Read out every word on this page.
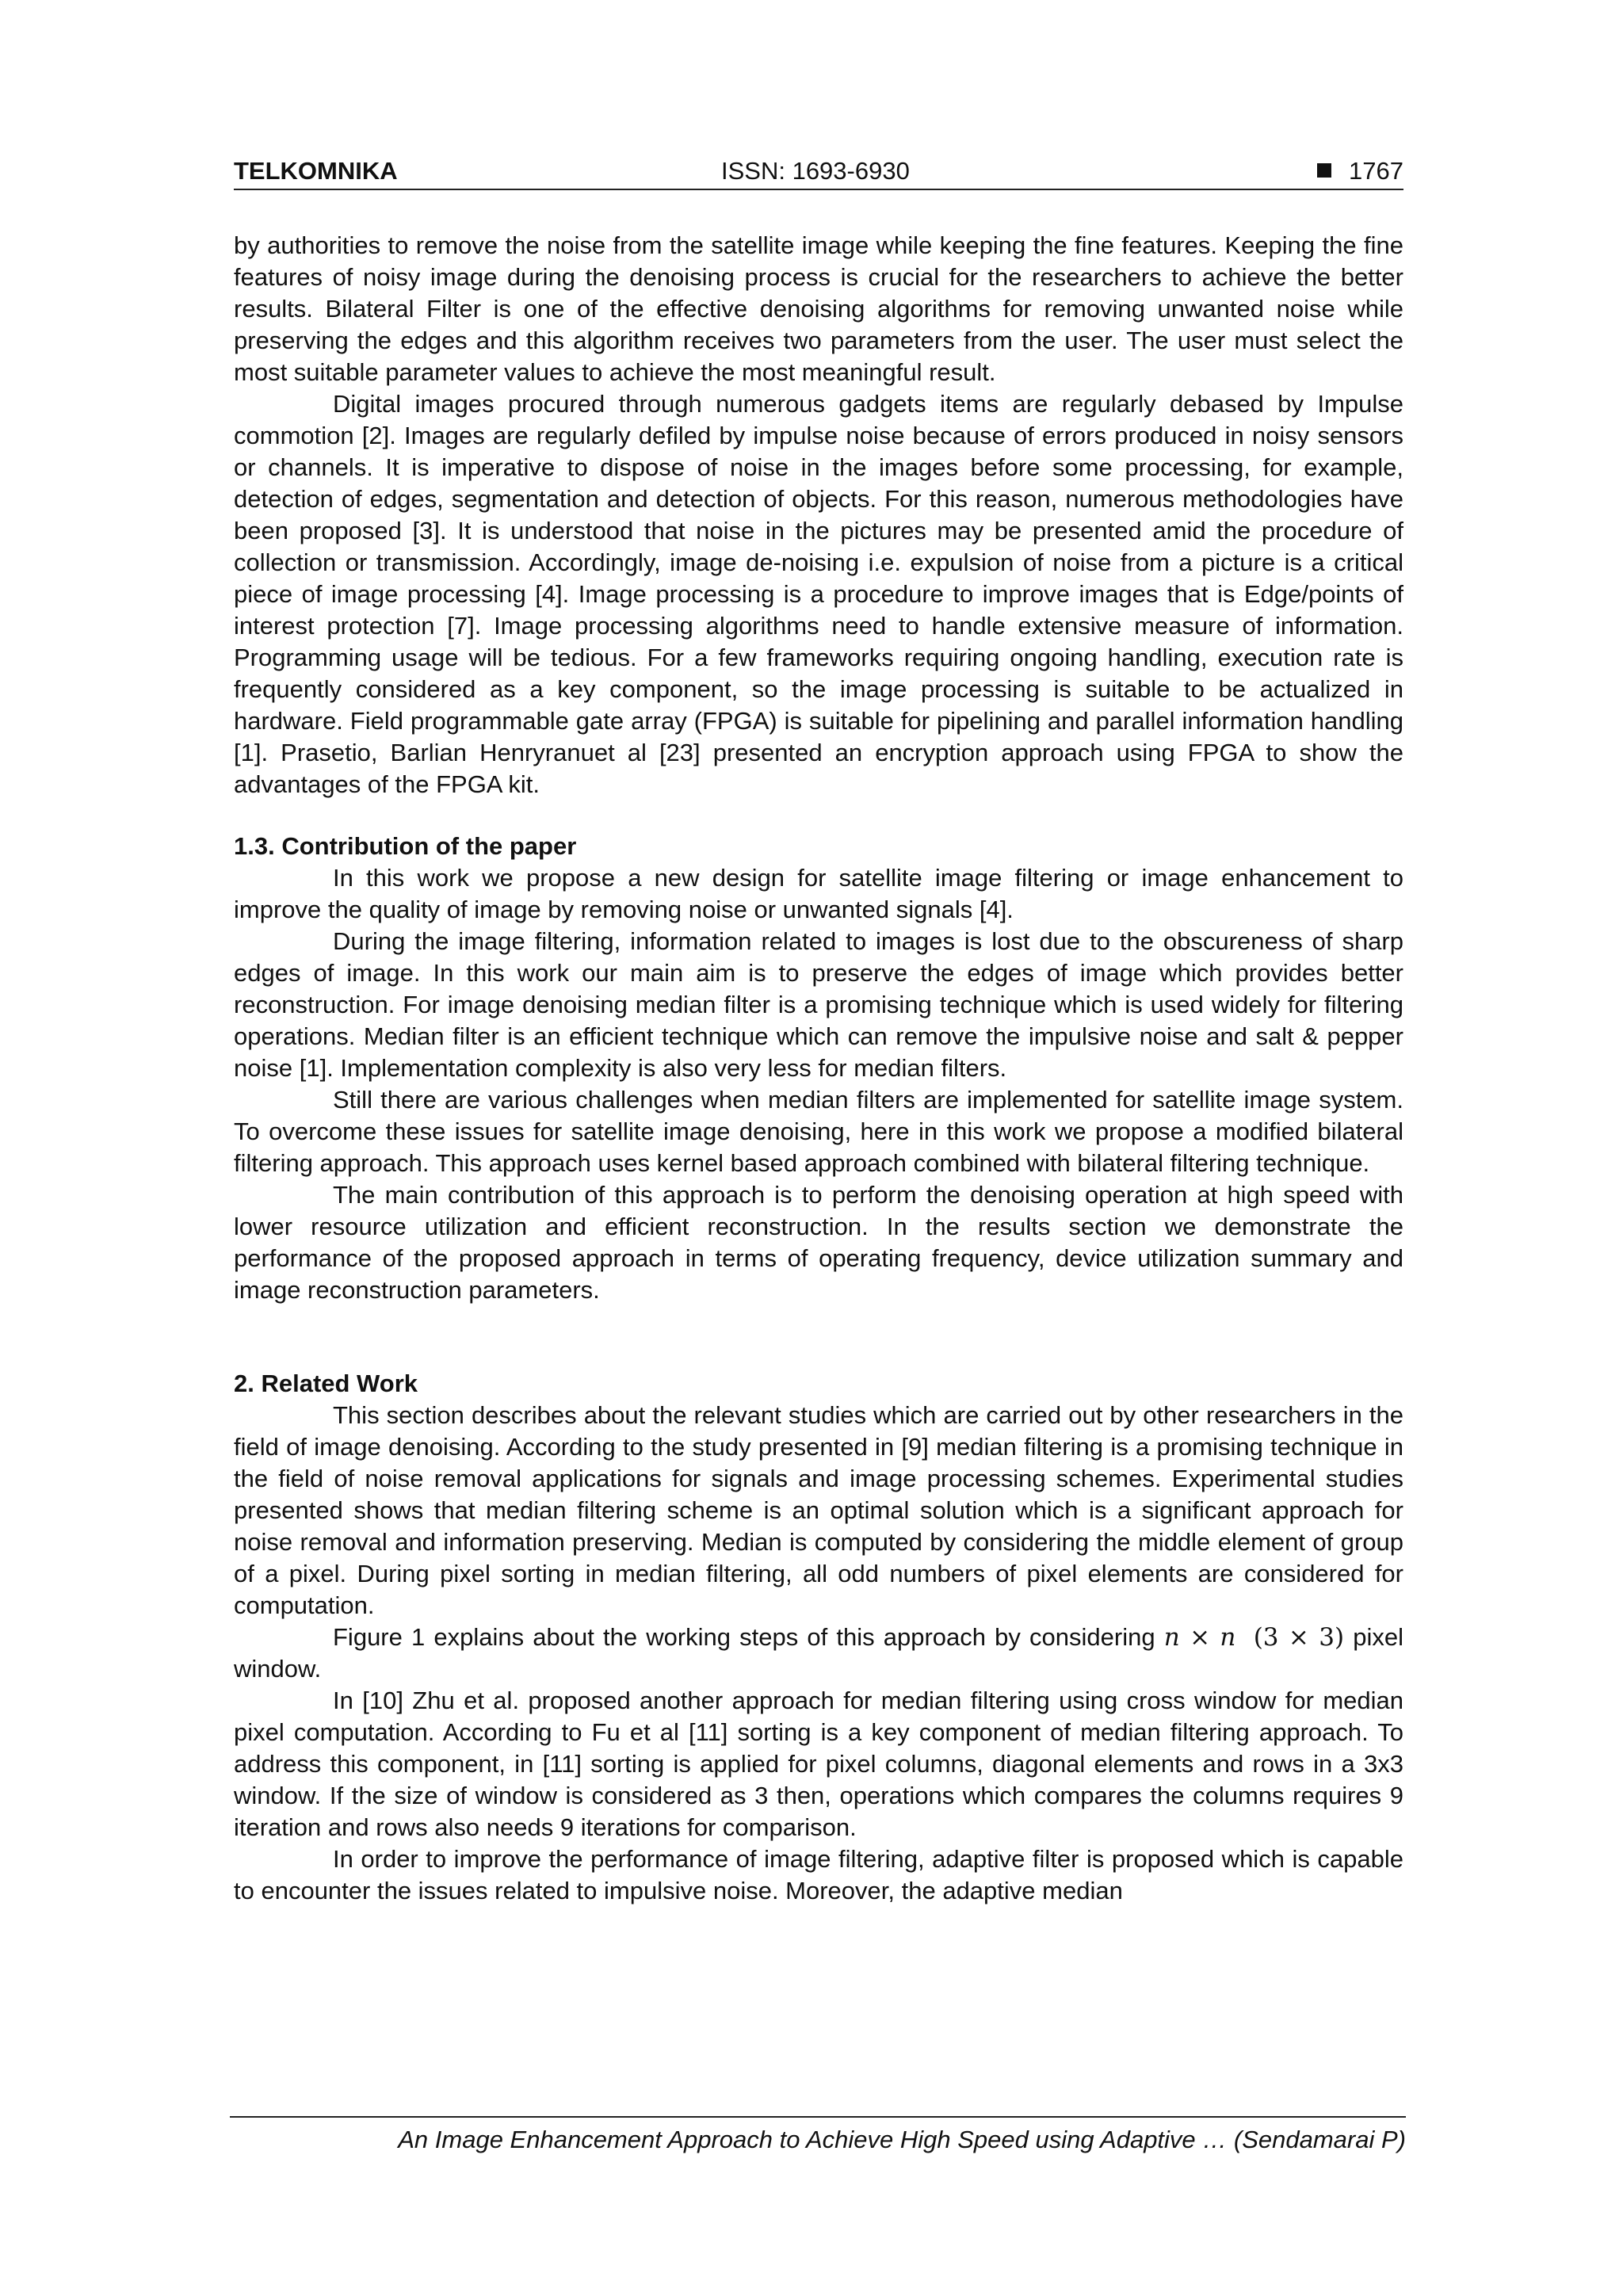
TELKOMNIKA	ISSN: 1693-6930	1767

by authorities to remove the noise from the satellite image while keeping the fine features. Keeping the fine features of noisy image during the denoising process is crucial for the researchers to achieve the better results. Bilateral Filter is one of the effective denoising algorithms for removing unwanted noise while preserving the edges and this algorithm receives two parameters from the user. The user must select the most suitable parameter values to achieve the most meaningful result.

Digital images procured through numerous gadgets items are regularly debased by Impulse commotion [2]. Images are regularly defiled by impulse noise because of errors produced in noisy sensors or channels. It is imperative to dispose of noise in the images before some processing, for example, detection of edges, segmentation and detection of objects. For this reason, numerous methodologies have been proposed [3]. It is understood that noise in the pictures may be presented amid the procedure of collection or transmission. Accordingly, image de-noising i.e. expulsion of noise from a picture is a critical piece of image processing [4]. Image processing is a procedure to improve images that is Edge/points of interest protection [7]. Image processing algorithms need to handle extensive measure of information. Programming usage will be tedious. For a few frameworks requiring ongoing handling, execution rate is frequently considered as a key component, so the image processing is suitable to be actualized in hardware. Field programmable gate array (FPGA) is suitable for pipelining and parallel information handling [1]. Prasetio, Barlian Henryranuet al [23] presented an encryption approach using FPGA to show the advantages of the FPGA kit.

1.3. Contribution of the paper

In this work we propose a new design for satellite image filtering or image enhancement to improve the quality of image by removing noise or unwanted signals [4].

During the image filtering, information related to images is lost due to the obscureness of sharp edges of image. In this work our main aim is to preserve the edges of image which provides better reconstruction. For image denoising median filter is a promising technique which is used widely for filtering operations. Median filter is an efficient technique which can remove the impulsive noise and salt & pepper noise [1]. Implementation complexity is also very less for median filters.

Still there are various challenges when median filters are implemented for satellite image system. To overcome these issues for satellite image denoising, here in this work we propose a modified bilateral filtering approach. This approach uses kernel based approach combined with bilateral filtering technique.

The main contribution of this approach is to perform the denoising operation at high speed with lower resource utilization and efficient reconstruction. In the results section we demonstrate the performance of the proposed approach in terms of operating frequency, device utilization summary and image reconstruction parameters.

2. Related Work

This section describes about the relevant studies which are carried out by other researchers in the field of image denoising. According to the study presented in [9] median filtering is a promising technique in the field of noise removal applications for signals and image processing schemes. Experimental studies presented shows that median filtering scheme is an optimal solution which is a significant approach for noise removal and information preserving. Median is computed by considering the middle element of group of a pixel. During pixel sorting in median filtering, all odd numbers of pixel elements are considered for computation.

Figure 1 explains about the working steps of this approach by considering n × n (3 × 3) pixel window.

In [10] Zhu et al. proposed another approach for median filtering using cross window for median pixel computation. According to Fu et al [11] sorting is a key component of median filtering approach. To address this component, in [11] sorting is applied for pixel columns, diagonal elements and rows in a 3x3 window. If the size of window is considered as 3 then, operations which compares the columns requires 9 iteration and rows also needs 9 iterations for comparison.

In order to improve the performance of image filtering, adaptive filter is proposed which is capable to encounter the issues related to impulsive noise. Moreover, the adaptive median

An Image Enhancement Approach to Achieve High Speed using Adaptive … (Sendamarai P)
